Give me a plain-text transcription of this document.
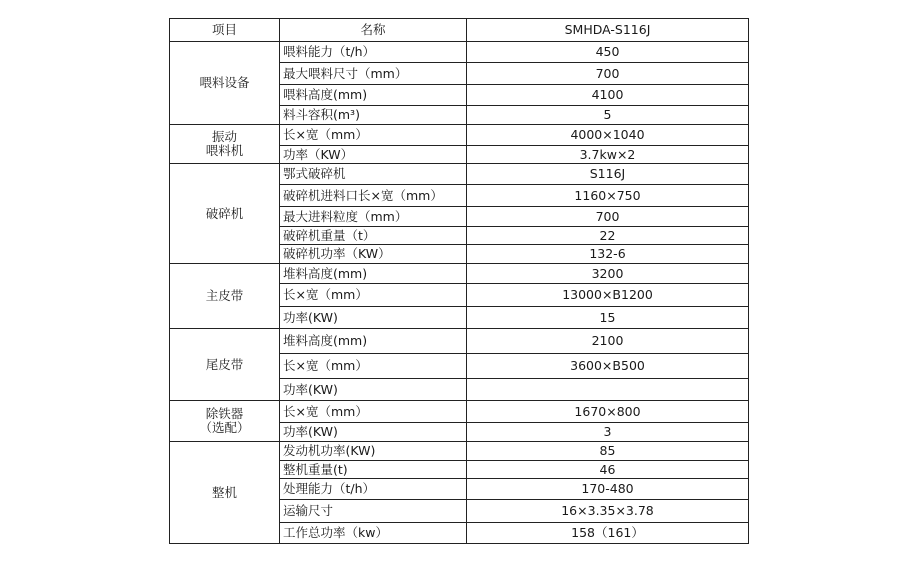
项目	名称	SMHDA-S116J

喂料设备	喂料能力（t/h）	450
	最大喂料尺寸（mm）	700
	喂料高度(mm)	4100
	料斗容积(m³)	5

振动
喂料机	长×宽（mm）	4000×1040
	功率（KW）	3.7kw×2

破碎机	鄂式破碎机	S116J
	破碎机进料口长×宽（mm）	1160×750
	最大进料粒度（mm）	700
	破碎机重量（t）	22
	破碎机功率（KW）	132-6

主皮带	堆料高度(mm)	3200
	长×宽（mm）	13000×B1200
	功率(KW)	15

尾皮带	堆料高度(mm)	2100
	长×宽（mm）	3600×B500
	功率(KW)	

除铁器
（选配）	长×宽（mm）	1670×800
	功率(KW)	3

整机	发动机功率(KW)	85
	整机重量(t)	46
	处理能力（t/h）	170-480
	运输尺寸	16×3.35×3.78
	工作总功率（kw）	158（161）
